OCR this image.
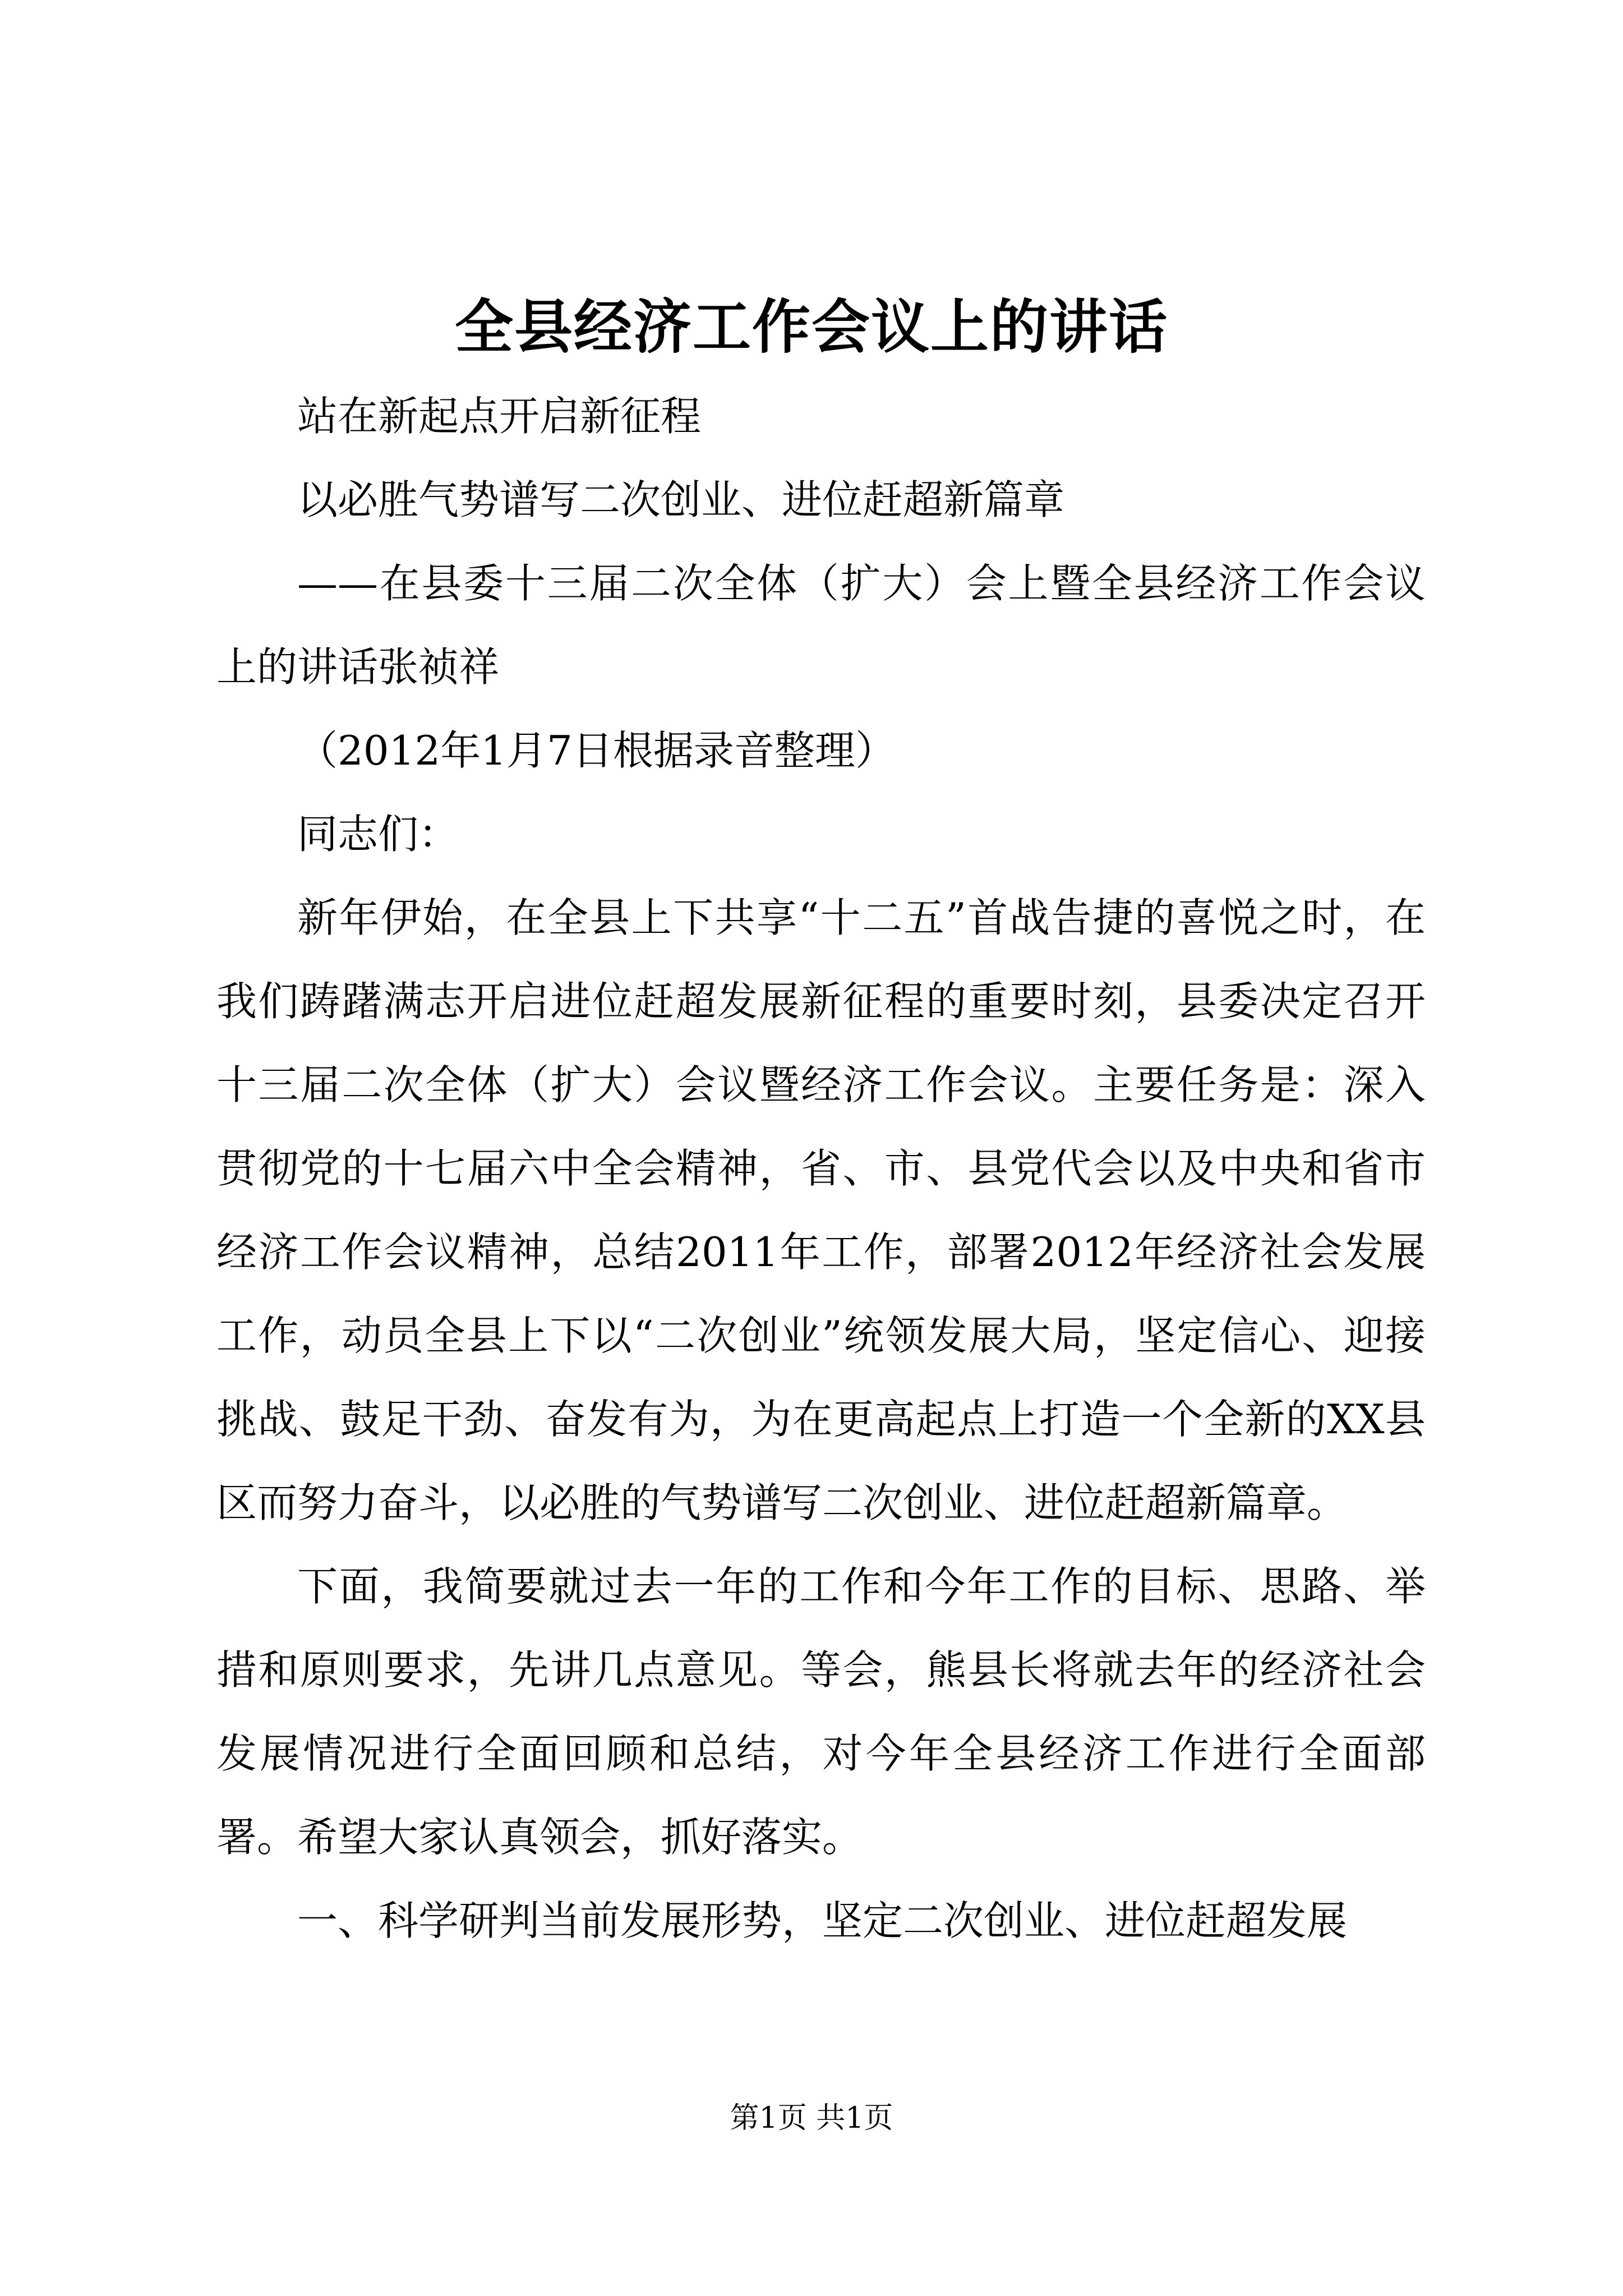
全县经济工作会议上的讲话

站在新起点开启新征程

以必胜气势谱写二次创业、进位赶超新篇章

——在县委十三届二次全体（扩大）会上暨全县经济工作会议上的讲话张祯祥

（2012年1月7日根据录音整理）

同志们：

新年伊始，在全县上下共享“十二五”首战告捷的喜悦之时，在我们踌躇满志开启进位赶超发展新征程的重要时刻，县委决定召开十三届二次全体（扩大）会议暨经济工作会议。主要任务是：深入贯彻党的十七届六中全会精神，省、市、县党代会以及中央和省市经济工作会议精神，总结2011年工作，部署2012年经济社会发展工作，动员全县上下以“二次创业”统领发展大局，坚定信心、迎接挑战、鼓足干劲、奋发有为，为在更高起点上打造一个全新的XX县区而努力奋斗，以必胜的气势谱写二次创业、进位赶超新篇章。

下面，我简要就过去一年的工作和今年工作的目标、思路、举措和原则要求，先讲几点意见。等会，熊县长将就去年的经济社会发展情况进行全面回顾和总结，对今年全县经济工作进行全面部署。希望大家认真领会，抓好落实。

一、科学研判当前发展形势，坚定二次创业、进位赶超发展

第1页 共1页
